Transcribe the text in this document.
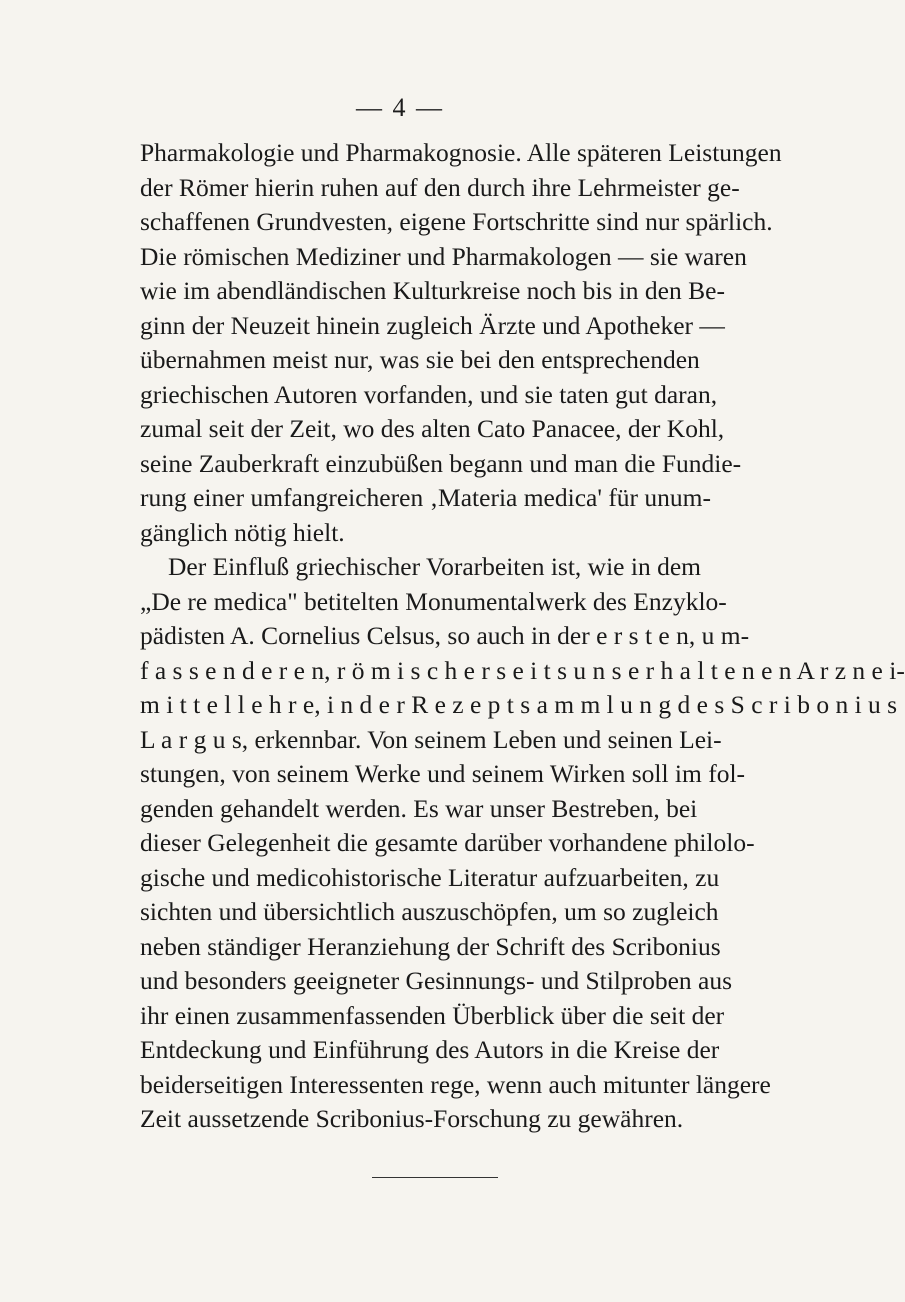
— 4 —
Pharmakologie und Pharmakognosie. Alle späteren Leistungen
der Römer hierin ruhen auf den durch ihre Lehrmeister ge-
schaffenen Grundvesten, eigene Fortschritte sind nur spärlich.
Die römischen Mediziner und Pharmakologen — sie waren
wie im abendländischen Kulturkreise noch bis in den Be-
ginn der Neuzeit hinein zugleich Ärzte und Apotheker —
übernahmen meist nur, was sie bei den entsprechenden
griechischen Autoren vorfanden, und sie taten gut daran,
zumal seit der Zeit, wo des alten Cato Panacee, der Kohl,
seine Zauberkraft einzubüßen begann und man die Fundie-
rung einer umfangreicheren ‚Materia medica' für unum-
gänglich nötig hielt.
Der Einfluß griechischer Vorarbeiten ist, wie in dem
„De re medica" betitelten Monumentalwerk des Enzyklo-
pädisten A. Cornelius Celsus, so auch in der e r s t e n, u m-
f a s s e n d e r e n, r ö m i s c h e r s e i t s u n s e r h a l t e n e n A r z n e i-
m i t t e l l e h r e, i n d e r R e z e p t s a m m l u n g d e s S c r i b o n i u s
L a r g u s, erkennbar. Von seinem Leben und seinen Lei-
stungen, von seinem Werke und seinem Wirken soll im fol-
genden gehandelt werden. Es war unser Bestreben, bei
dieser Gelegenheit die gesamte darüber vorhandene philolo-
gische und medicohistorische Literatur aufzuarbeiten, zu
sichten und übersichtlich auszuschöpfen, um so zugleich
neben ständiger Heranziehung der Schrift des Scribonius
und besonders geeigneter Gesinnungs- und Stilproben aus
ihr einen zusammenfassenden Überblick über die seit der
Entdeckung und Einführung des Autors in die Kreise der
beiderseitigen Interessenten rege, wenn auch mitunter längere
Zeit aussetzende Scribonius-Forschung zu gewähren.
